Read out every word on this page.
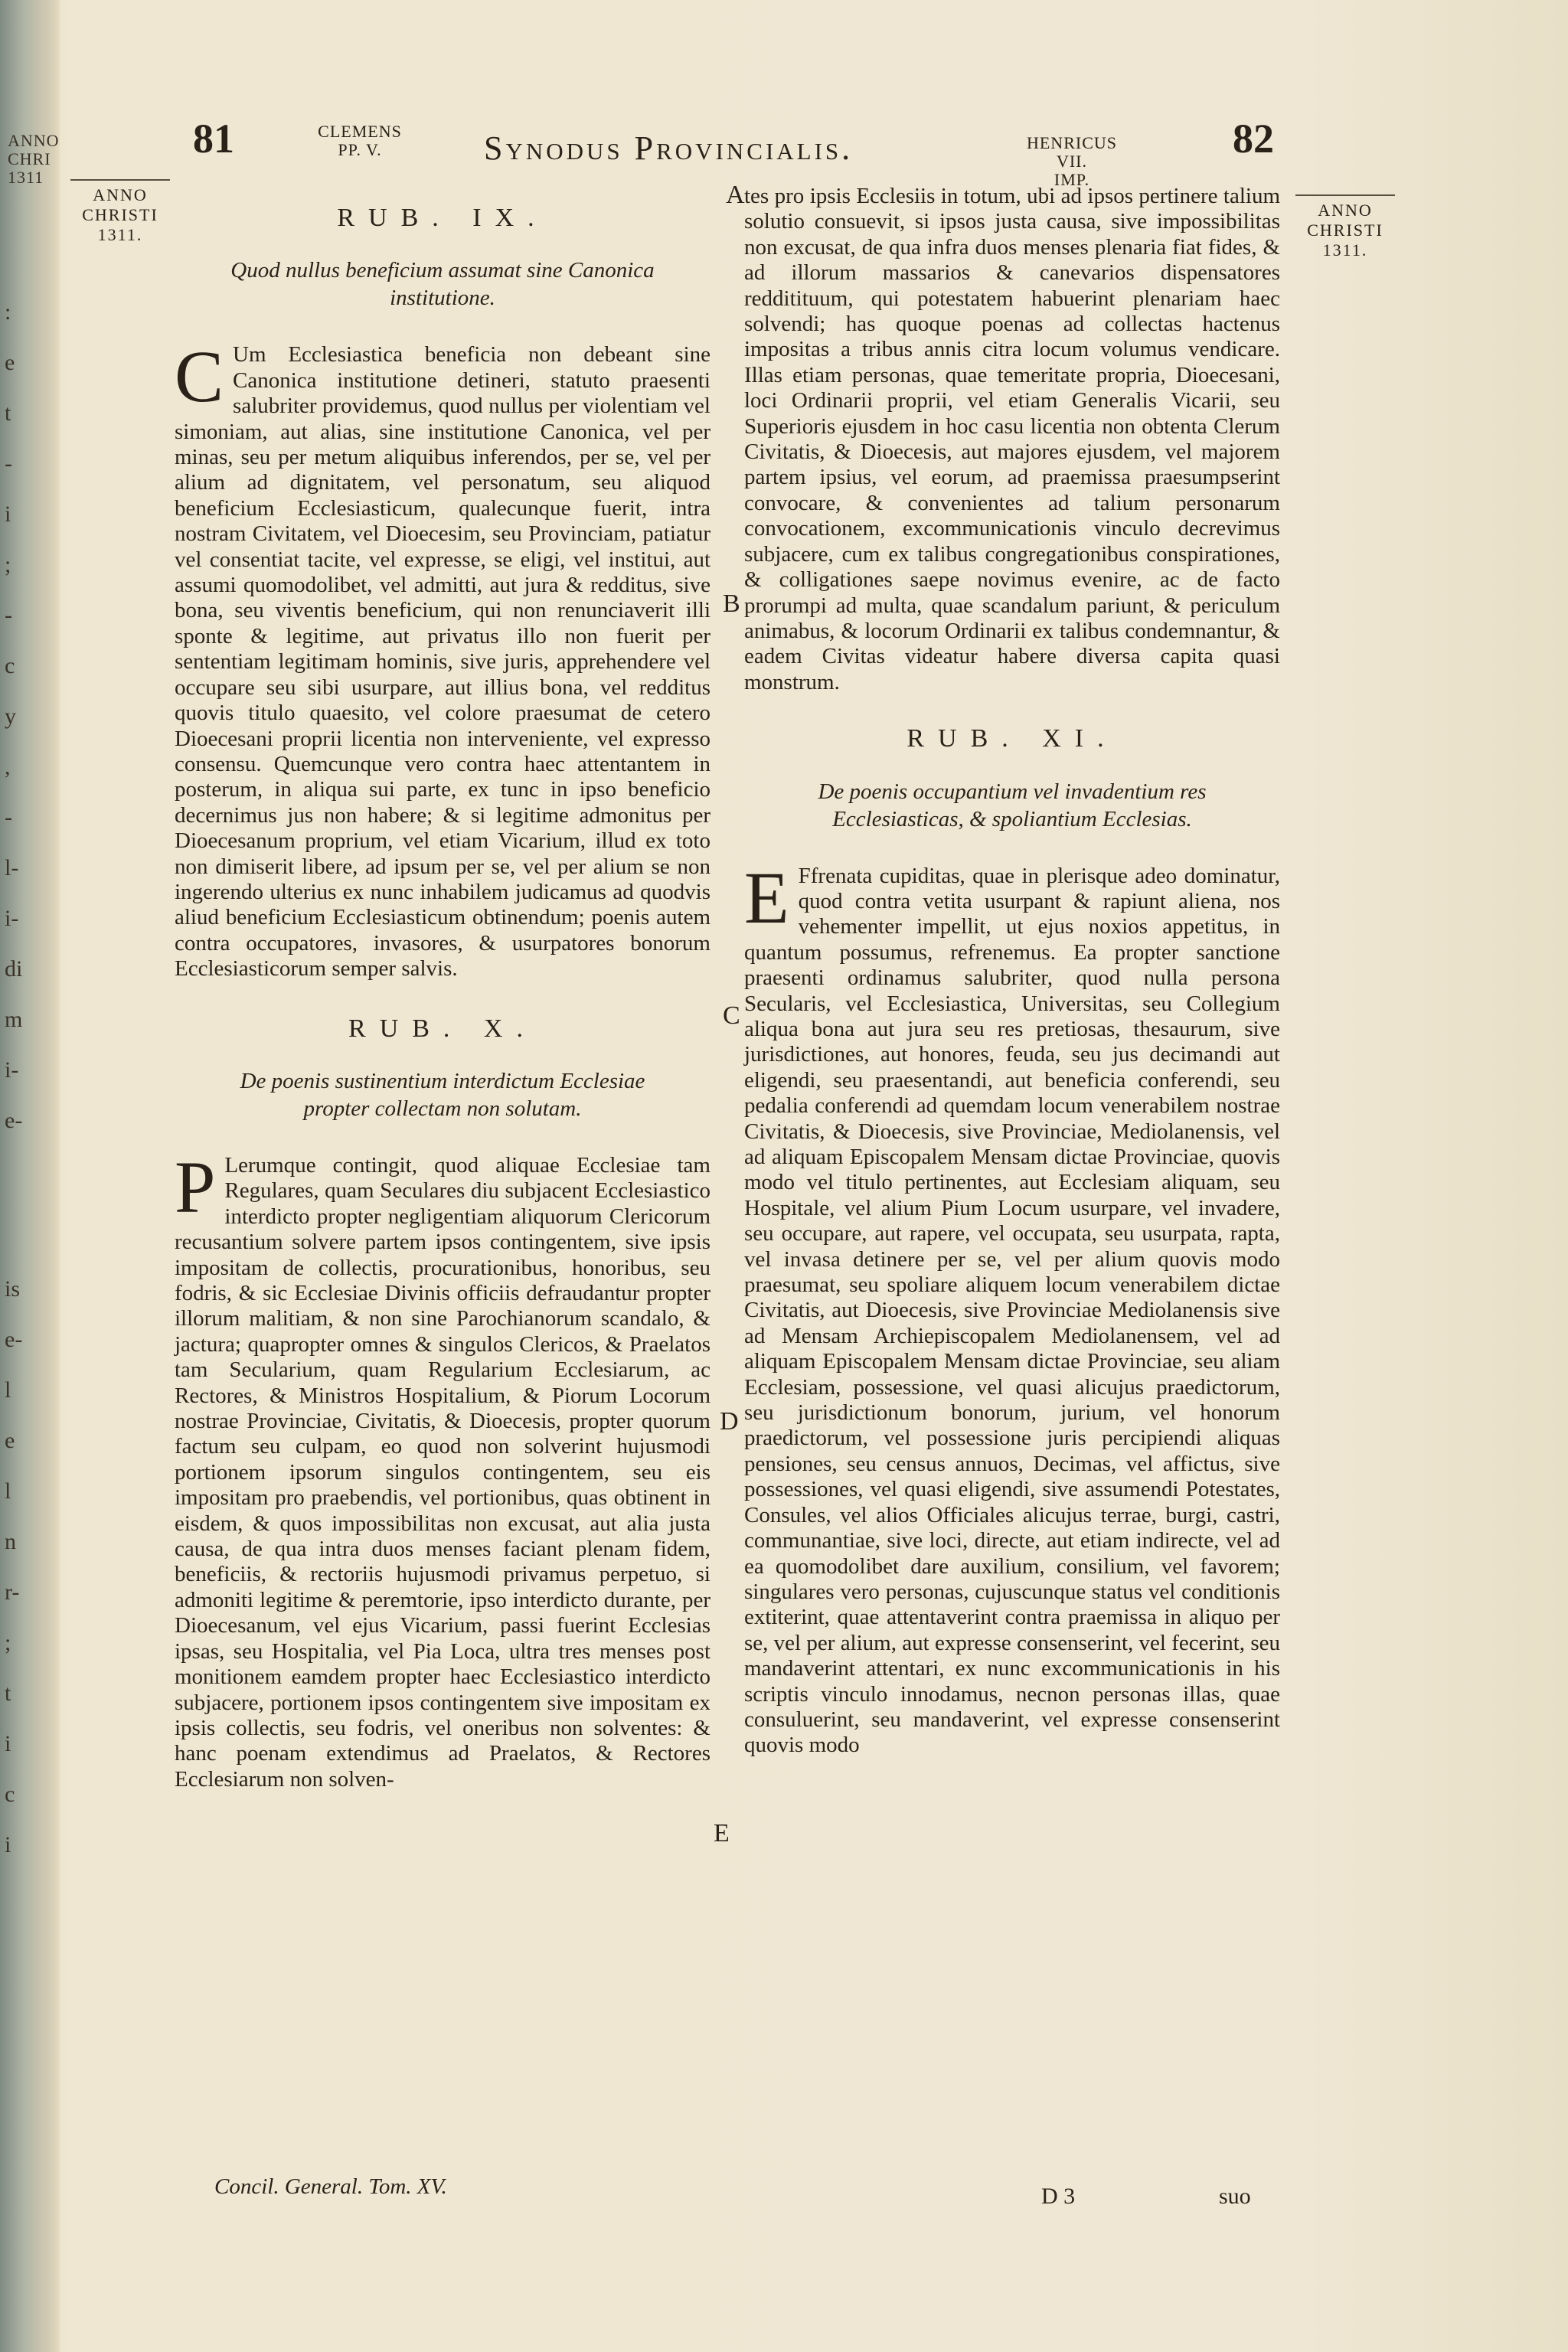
ANNO
CHRI
1311
:
e
t
-
i
;
-
c
y
,
-
l-
i-
di
m
i-
e-
is
e-
l
e
l
n
r-
;
t
i
c
i
81	CLEMENS
PP. V.	Synodus Provincialis.	HENRICUS VII.
IMP.
82
ANNO
CHRISTI
1311.
ANNO
CHRISTI
1311.
A
B
C
D
E
RUB. IX.
Quod nullus beneficium assumat sine Canonica institutione.
C Um Ecclesiastica beneficia non debeant sine Canonica institutione detineri, statuto praesenti salubriter providemus, quod nullus per violentiam vel simoniam, aut alias, sine institutione Canonica, vel per minas, seu per metum aliquibus inferendos, per se, vel per alium ad dignitatem, vel personatum, seu aliquod beneficium Ecclesiasticum, qualecunque fuerit, intra nostram Civitatem, vel Dioecesim, seu Provinciam, patiatur vel consentiat tacite, vel expresse, se eligi, vel institui, aut assumi quomodolibet, vel admitti, aut jura & redditus, sive bona, seu viventis beneficium, qui non renunciaverit illi sponte & legitime, aut privatus illo non fuerit per sententiam legitimam hominis, sive juris, apprehendere vel occupare seu sibi usurpare, aut illius bona, vel redditus quovis titulo quaesito, vel colore praesumat de cetero Dioecesani proprii licentia non interveniente, vel expresso consensu. Quemcunque vero contra haec attentantem in posterum, in aliqua sui parte, ex tunc in ipso beneficio decernimus jus non habere; & si legitime admonitus per Dioecesanum proprium, vel etiam Vicarium, illud ex toto non dimiserit libere, ad ipsum per se, vel per alium se non ingerendo ulterius ex nunc inhabilem judicamus ad quodvis aliud beneficium Ecclesiasticum obtinendum; poenis autem contra occupatores, invasores, & usurpatores bonorum Ecclesiasticorum semper salvis.
RUB. X.
De poenis sustinentium interdictum Ecclesiae propter collectam non solutam.
P Lerumque contingit, quod aliquae Ecclesiae tam Regulares, quam Seculares diu subjacent Ecclesiastico interdicto propter negligentiam aliquorum Clericorum recusantium solvere partem ipsos contingentem, sive ipsis impositam de collectis, procurationibus, honoribus, seu fodris, & sic Ecclesiae Divinis officiis defraudantur propter illorum malitiam, & non sine Parochianorum scandalo, & jactura; quapropter omnes & singulos Clericos, & Praelatos tam Secularium, quam Regularium Ecclesiarum, ac Rectores, & Ministros Hospitalium, & Piorum Locorum nostrae Provinciae, Civitatis, & Dioecesis, propter quorum factum seu culpam, eo quod non solverint hujusmodi portionem ipsorum singulos contingentem, seu eis impositam pro praebendis, vel portionibus, quas obtinent in eisdem, & quos impossibilitas non excusat, aut alia justa causa, de qua intra duos menses faciant plenam fidem, beneficiis, & rectoriis hujusmodi privamus perpetuo, si admoniti legitime & peremtorie, ipso interdicto durante, per Dioecesanum, vel ejus Vicarium, passi fuerint Ecclesias ipsas, seu Hospitalia, vel Pia Loca, ultra tres menses post monitionem eamdem propter haec Ecclesiastico interdicto subjacere, portionem ipsos contingentem sive impositam ex ipsis collectis, seu fodris, vel oneribus non solventes: & hanc poenam extendimus ad Praelatos, & Rectores Ecclesiarum non solven-
Concil. General. Tom. XV.
tes pro ipsis Ecclesiis in totum, ubi ad ipsos pertinere talium solutio consuevit, si ipsos justa causa, sive impossibilitas non excusat, de qua infra duos menses plenaria fiat fides, & ad illorum massarios & canevarios dispensatores redditituum, qui potestatem habuerint plenariam haec solvendi; has quoque poenas ad collectas hactenus impositas a tribus annis citra locum volumus vendicare. Illas etiam personas, quae temeritate propria, Dioecesani, loci Ordinarii proprii, vel etiam Generalis Vicarii, seu Superioris ejusdem in hoc casu licentia non obtenta Clerum Civitatis, & Dioecesis, aut majores ejusdem, vel majorem partem ipsius, vel eorum, ad praemissa praesumpserint convocare, & convenientes ad talium personarum convocationem, excommunicationis vinculo decrevimus subjacere, cum ex talibus congregationibus conspirationes, & colligationes saepe novimus evenire, ac de facto prorumpi ad multa, quae scandalum pariunt, & periculum animabus, & locorum Ordinarii ex talibus condemnantur, & eadem Civitas videatur habere diversa capita quasi monstrum.
RUB. XI.
De poenis occupantium vel invadentium res Ecclesiasticas, & spoliantium Ecclesias.
E Ffrenata cupiditas, quae in plerisque adeo dominatur, quod contra vetita usurpant & rapiunt aliena, nos vehementer impellit, ut ejus noxios appetitus, in quantum possumus, refrenemus. Ea propter sanctione praesenti ordinamus salubriter, quod nulla persona Secularis, vel Ecclesiastica, Universitas, seu Collegium aliqua bona aut jura seu res pretiosas, thesaurum, sive jurisdictiones, aut honores, feuda, seu jus decimandi aut eligendi, seu praesentandi, aut beneficia conferendi, seu pedalia conferendi ad quemdam locum venerabilem nostrae Civitatis, & Dioecesis, sive Provinciae, Mediolanensis, vel ad aliquam Episcopalem Mensam dictae Provinciae, quovis modo vel titulo pertinentes, aut Ecclesiam aliquam, seu Hospitale, vel alium Pium Locum usurpare, vel invadere, seu occupare, aut rapere, vel occupata, seu usurpata, rapta, vel invasa detinere per se, vel per alium quovis modo praesumat, seu spoliare aliquem locum venerabilem dictae Civitatis, aut Dioecesis, sive Provinciae Mediolanensis sive ad Mensam Archiepiscopalem Mediolanensem, vel ad aliquam Episcopalem Mensam dictae Provinciae, seu aliam Ecclesiam, possessione, vel quasi alicujus praedictorum, seu jurisdictionum bonorum, jurium, vel honorum praedictorum, vel possessione juris percipiendi aliquas pensiones, seu census annuos, Decimas, vel affictus, sive possessiones, vel quasi eligendi, sive assumendi Potestates, Consules, vel alios Officiales alicujus terrae, burgi, castri, communantiae, sive loci, directe, aut etiam indirecte, vel ad ea quomodolibet dare auxilium, consilium, vel favorem; singulares vero personas, cujuscunque status vel conditionis extiterint, quae attentaverint contra praemissa in aliquo per se, vel per alium, aut expresse consenserint, vel fecerint, seu mandaverint attentari, ex nunc excommunicationis in his scriptis vinculo innodamus, necnon personas illas, quae consuluerint, seu mandaverint, vel expresse consenserint quovis modo
D 3	suo
